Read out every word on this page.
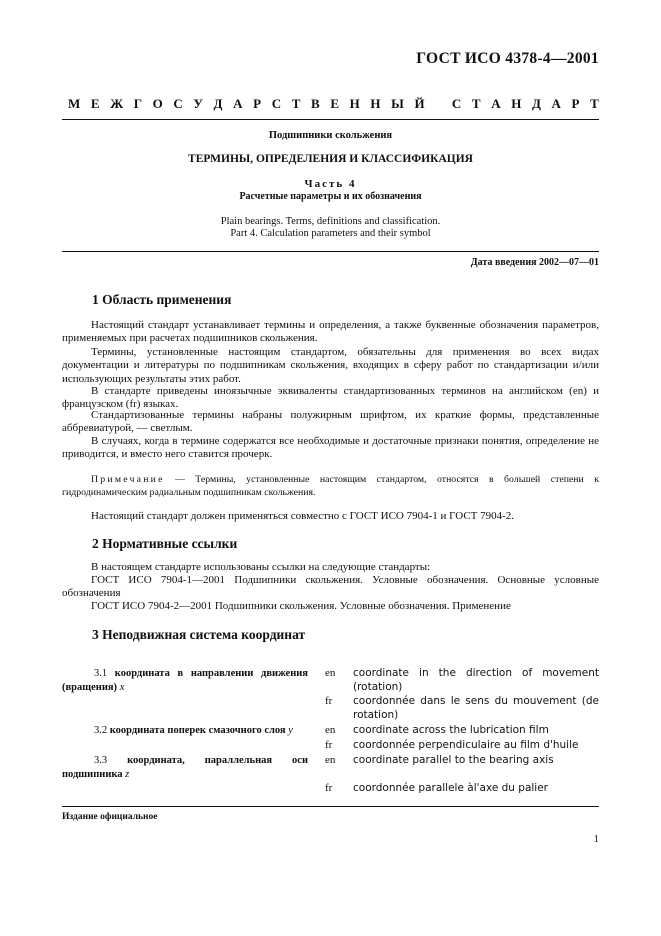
ГОСТ ИСО 4378-4—2001
М Е Ж Г О С У Д А Р С Т В Е Н Н Ы Й С Т А Н Д А Р Т
Подшипники скольжения
ТЕРМИНЫ, ОПРЕДЕЛЕНИЯ И КЛАССИФИКАЦИЯ
Часть 4
Расчетные параметры и их обозначения
Plain bearings. Terms, definitions and classification.
Part 4. Calculation parameters and their symbol
Дата введения 2002—07—01
1 Область применения
Настоящий стандарт устанавливает термины и определения, а также буквенные обозначения параметров, применяемых при расчетах подшипников скольжения.
Термины, установленные настоящим стандартом, обязательны для применения во всех видах документации и литературы по подшипникам скольжения, входящих в сферу работ по стандартизации и/или использующих результаты этих работ.
В стандарте приведены иноязычные эквиваленты стандартизованных терминов на английском (en) и французском (fr) языках.
Стандартизованные термины набраны полужирным шрифтом, их краткие формы, представленные аббревиатурой, — светлым.
В случаях, когда в термине содержатся все необходимые и достаточные признаки понятия, определение не приводится, и вместо него ставится прочерк.
Примечание — Термины, установленные настоящим стандартом, относятся в большей степени к гидродинамическим радиальным подшипникам скольжения.
Настоящий стандарт должен применяться совместно с ГОСТ ИСО 7904-1 и ГОСТ 7904-2.
2 Нормативные ссылки
В настоящем стандарте использованы ссылки на следующие стандарты:
ГОСТ ИСО 7904-1—2001 Подшипники скольжения. Условные обозначения. Основные условные обозначения
ГОСТ ИСО 7904-2—2001 Подшипники скольжения. Условные обозначения. Применение
3 Неподвижная система координат
3.1 координата в направлении движения (вращения) x
en coordinate in the direction of movement (rotation)
fr coordonnée dans le sens du mouvement (de rotation)
3.2 координата поперек смазочного слоя y	en coordinate across the lubrication film
fr coordonnée perpendiculaire au film d'huile
3.3 координата, параллельная оси подшипника z
en coordinate parallel to the bearing axis
fr coordonnée parallele àl'axe du palier
Издание официальное
1
